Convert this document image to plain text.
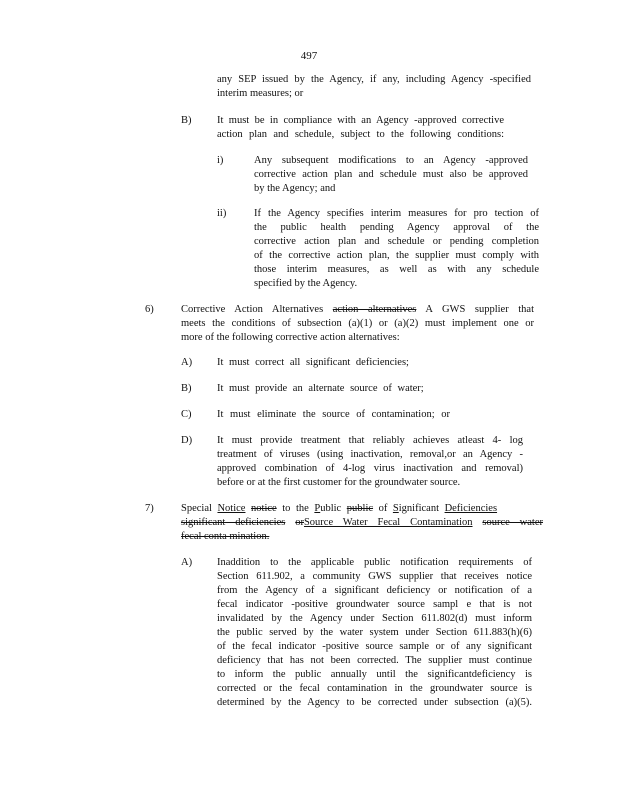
497
any SEP issued by the Agency, if any, including Agency -specified
interim measures; or
B) It must be in compliance with an Agency -approved corrective
action plan and schedule, subject to the following conditions:
i)	Any subsequent modifications to an Agency -approved
corrective action plan and schedule must also be approved
by the Agency; and
ii)	If the Agency specifies interim measures for pro tection of
the public health pending Agency approval of the
corrective action plan and schedule or pending completion
of the corrective action plan, the supplier must comply with
those interim measures, as well as with any schedule
specified by the Agency.
6)	Corrective Action Alternatives action alternatives A GWS supplier that
meets the conditions of subsection (a)(1) or (a)(2) must implement one or
more of the following corrective action alternatives:
A) It must correct all significant deficiencies;
B) It must provide an alternate source of water;
C) It must eliminate the source of contamination; or
D) It must provide treatment that reliably achieves atleast 4- log
treatment of viruses (using inactivation, removal,or an Agency -
approved combination of 4-log virus inactivation and removal)
before or at the first customer for the groundwater source.
7)	Special Notice notice to the Public public of Significant Deficiencies
significant deficiencies orSource Water Fecal Contamination source water
fecal conta mination.
A) Inaddition to the applicable public notification requirements of
Section 611.902, a community GWS supplier that receives notice
from the Agency of a significant deficiency or notification of a
fecal indicator -positive groundwater source sampl e that is not
invalidated by the Agency under Section 611.802(d) must inform
the public served by the water system under Section 611.883(h)(6)
of the fecal indicator -positive source sample or of any significant
deficiency that has not been corrected. The supplier must continue
to inform the public annually until the significantdeficiency is
corrected or the fecal contamination in the groundwater source is
determined by the Agency to be corrected under subsection (a)(5).
